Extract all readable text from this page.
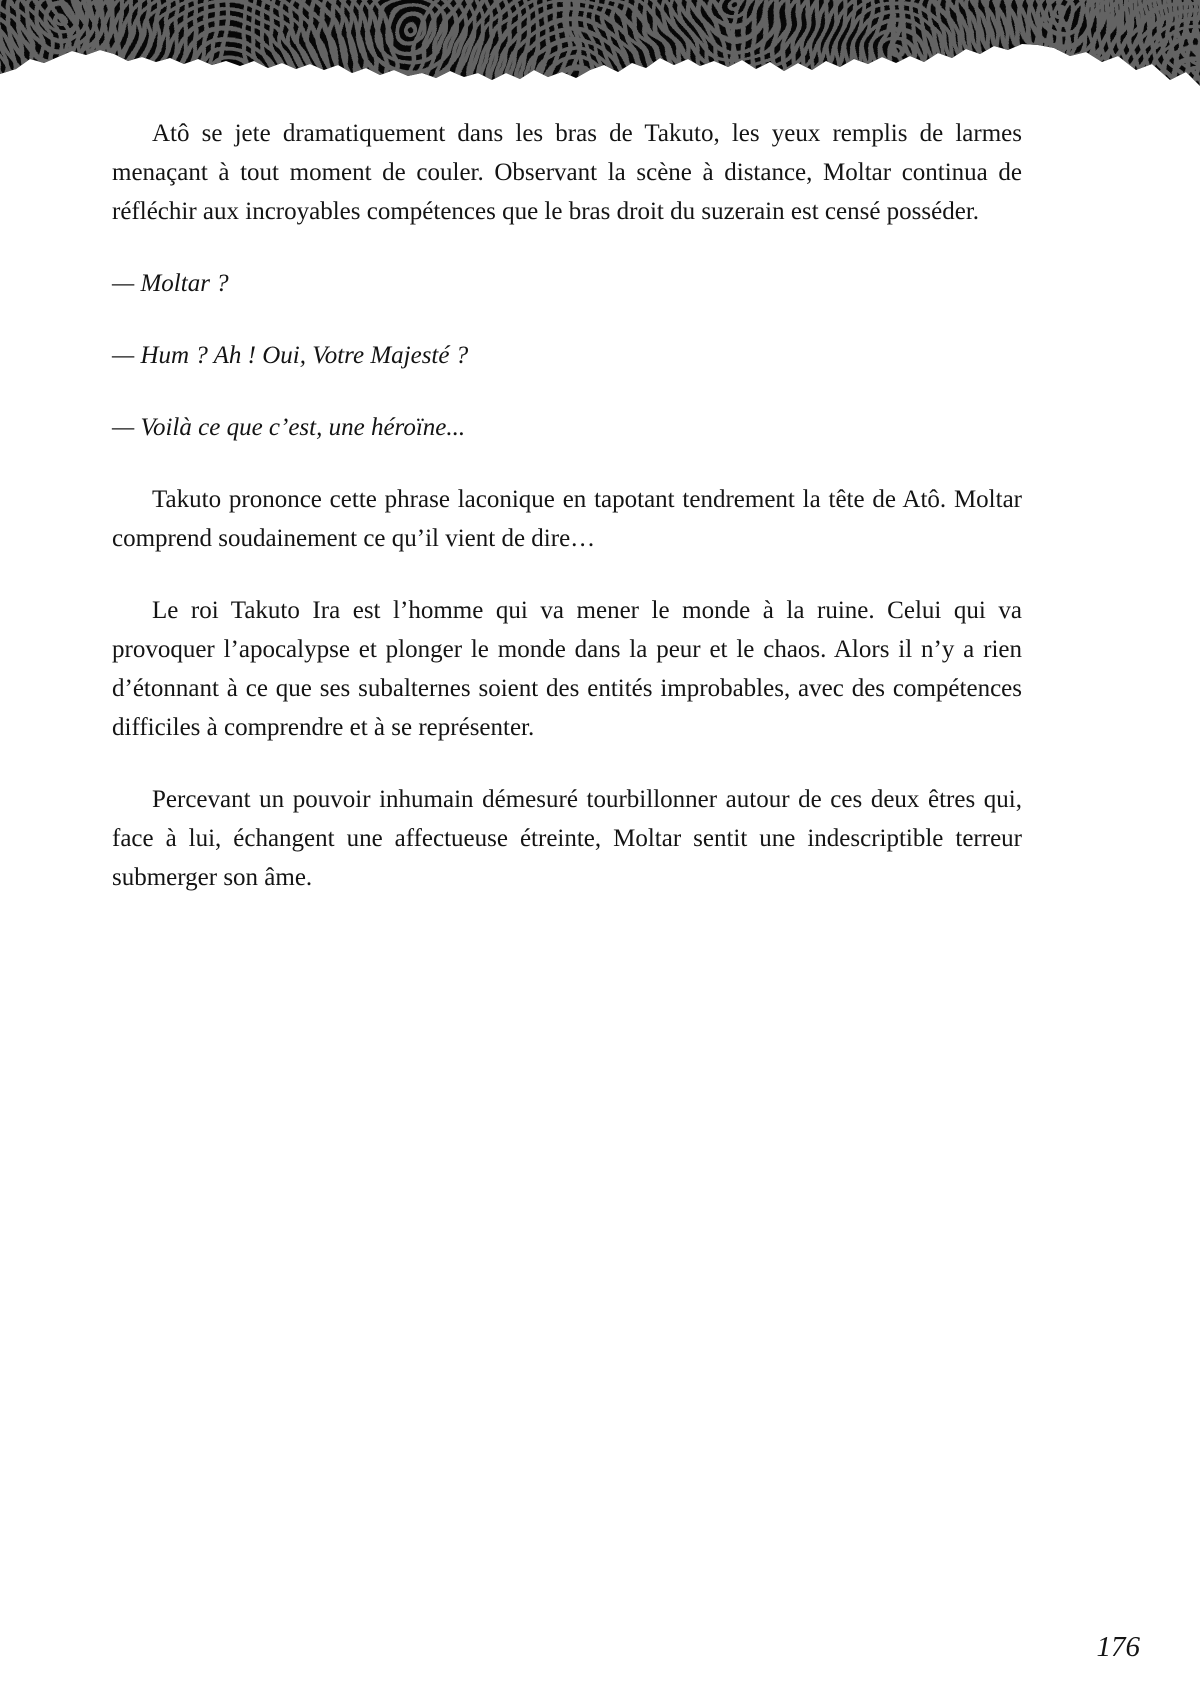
Atô se jete dramatiquement dans les bras de Takuto, les yeux remplis de larmes menaçant à tout moment de couler. Observant la scène à distance, Moltar continua de réfléchir aux incroyables compétences que le bras droit du suzerain est censé posséder.

— Moltar ?

— Hum ? Ah ! Oui, Votre Majesté ?

— Voilà ce que c’est, une héroïne...

Takuto prononce cette phrase laconique en tapotant tendrement la tête de Atô. Moltar comprend soudainement ce qu’il vient de dire…

Le roi Takuto Ira est l’homme qui va mener le monde à la ruine. Celui qui va provoquer l’apocalypse et plonger le monde dans la peur et le chaos. Alors il n’y a rien d’étonnant à ce que ses subalternes soient des entités improbables, avec des compétences difficiles à comprendre et à se représenter.

Percevant un pouvoir inhumain démesuré tourbillonner autour de ces deux êtres qui, face à lui, échangent une affectueuse étreinte, Moltar sentit une indescriptible terreur submerger son âme.

176
